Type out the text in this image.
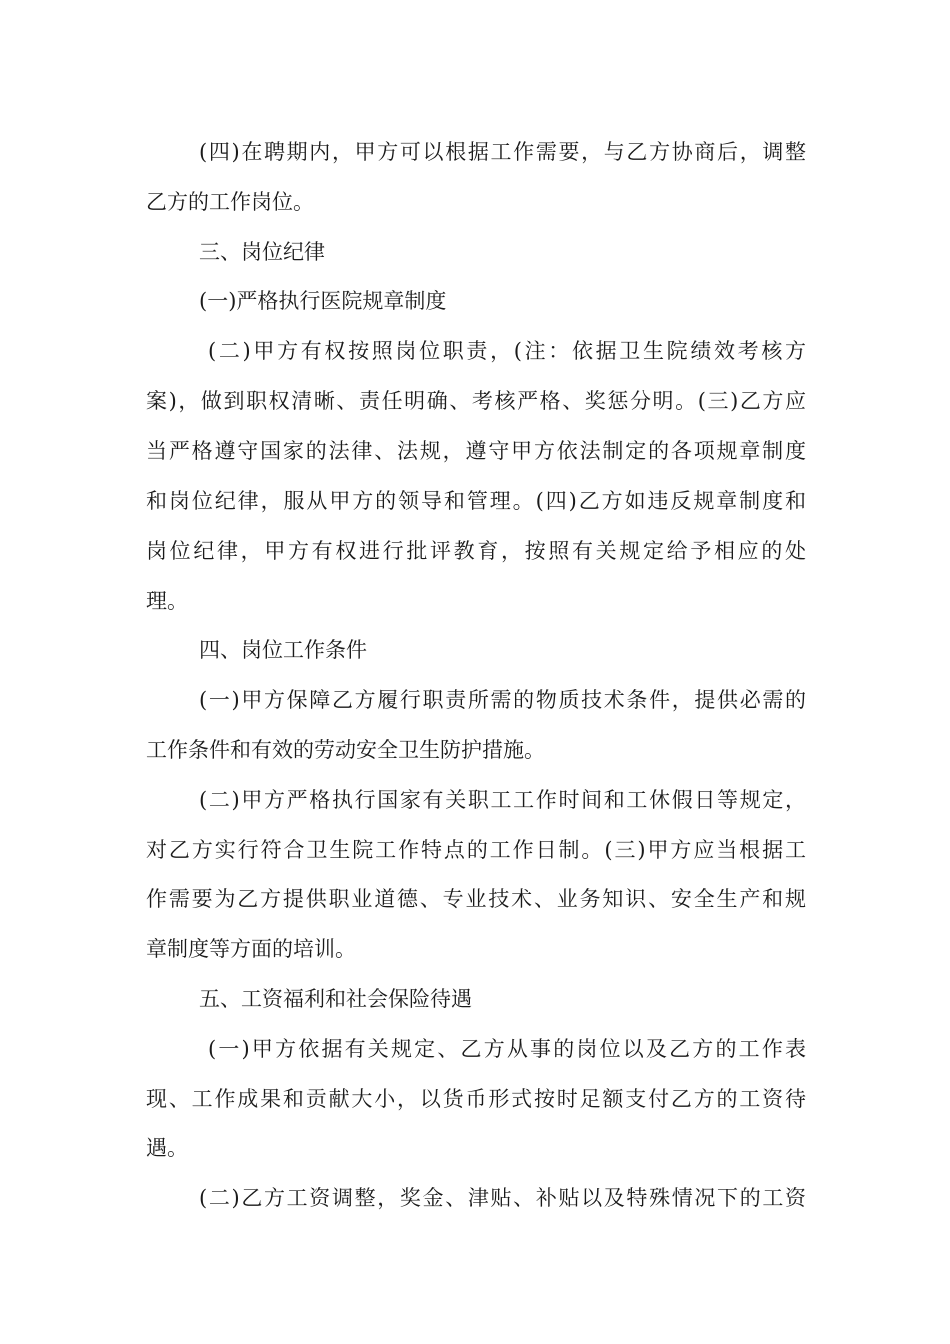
(四)在聘期内，甲方可以根据工作需要，与乙方协商后，调整
乙方的工作岗位。
三、岗位纪律
(一)严格执行医院规章制度
(二)甲方有权按照岗位职责，(注：依据卫生院绩效考核方
案)，做到职权清晰、责任明确、考核严格、奖惩分明。(三)乙方应
当严格遵守国家的法律、法规，遵守甲方依法制定的各项规章制度
和岗位纪律，服从甲方的领导和管理。(四)乙方如违反规章制度和
岗位纪律，甲方有权进行批评教育，按照有关规定给予相应的处
理。
四、岗位工作条件
(一)甲方保障乙方履行职责所需的物质技术条件，提供必需的
工作条件和有效的劳动安全卫生防护措施。
(二)甲方严格执行国家有关职工工作时间和工休假日等规定，
对乙方实行符合卫生院工作特点的工作日制。(三)甲方应当根据工
作需要为乙方提供职业道德、专业技术、业务知识、安全生产和规
章制度等方面的培训。
五、工资福利和社会保险待遇
(一)甲方依据有关规定、乙方从事的岗位以及乙方的工作表
现、工作成果和贡献大小，以货币形式按时足额支付乙方的工资待
遇。
(二)乙方工资调整，奖金、津贴、补贴以及特殊情况下的工资
